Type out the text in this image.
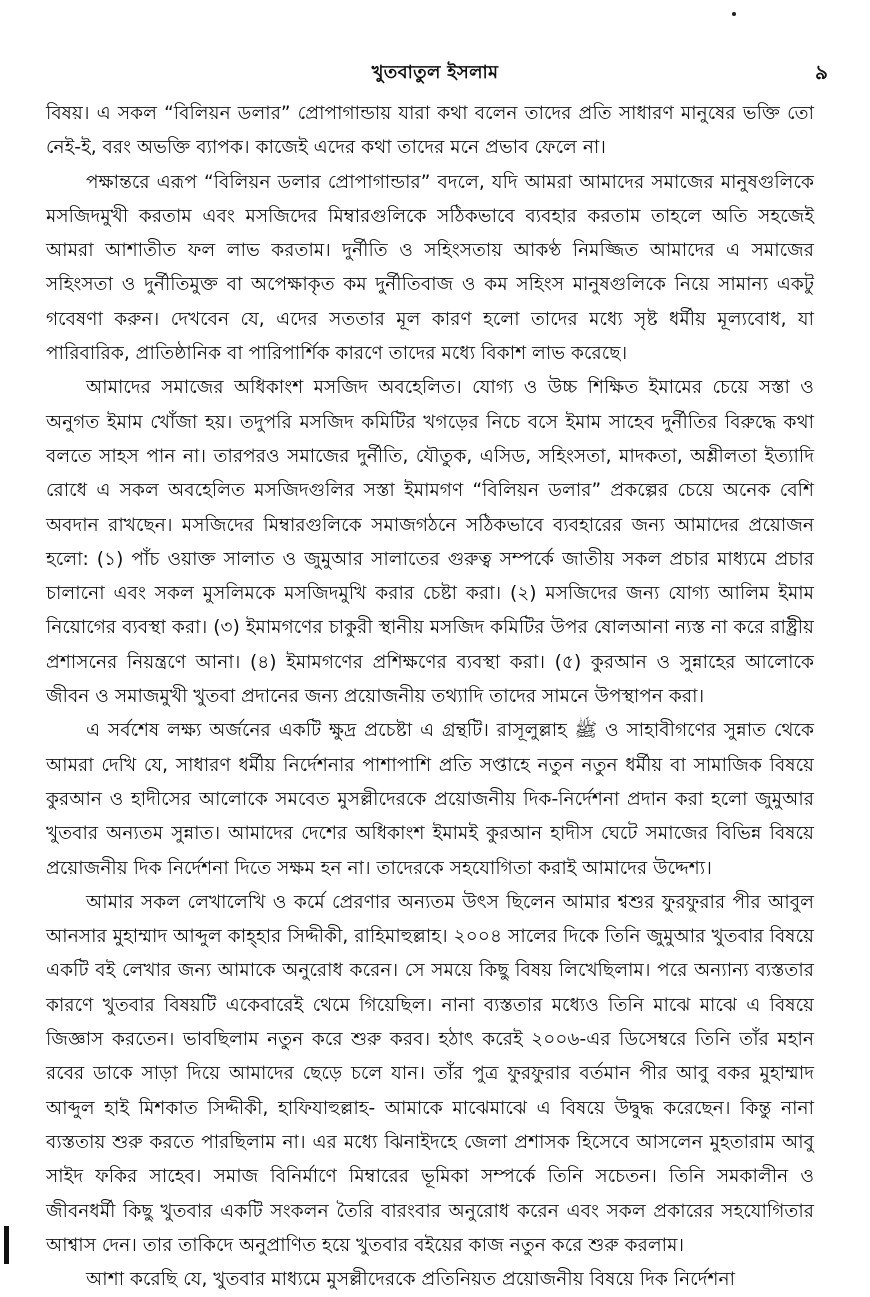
খুতবাতুল ইসলাম	৯

বিষয়। এ সকল “বিলিয়ন ডলার” প্রোপাগান্ডায় যারা কথা বলেন তাদের প্রতি সাধারণ মানুষের ভক্তি তো নেই-ই, বরং অভক্তি ব্যাপক। কাজেই এদের কথা তাদের মনে প্রভাব ফেলে না।

পক্ষান্তরে এরূপ “বিলিয়ন ডলার প্রোপাগান্ডার” বদলে, যদি আমরা আমাদের সমাজের মানুষগুলিকে মসজিদমুখী করতাম এবং মসজিদের মিম্বারগুলিকে সঠিকভাবে ব্যবহার করতাম তাহলে অতি সহজেই আমরা আশাতীত ফল লাভ করতাম। দুর্নীতি ও সহিংসতায় আকণ্ঠ নিমজ্জিত আমাদের এ সমাজের সহিংসতা ও দুর্নীতিমুক্ত বা অপেক্ষাকৃত কম দুর্নীতিবাজ ও কম সহিংস মানুষগুলিকে নিয়ে সামান্য একটু গবেষণা করুন। দেখবেন যে, এদের সততার মূল কারণ হলো তাদের মধ্যে সৃষ্ট ধর্মীয় মূল্যবোধ, যা পারিবারিক, প্রাতিষ্ঠানিক বা পারিপার্শিক কারণে তাদের মধ্যে বিকাশ লাভ করেছে।

আমাদের সমাজের অধিকাংশ মসজিদ অবহেলিত। যোগ্য ও উচ্চ শিক্ষিত ইমামের চেয়ে সস্তা ও অনুগত ইমাম খোঁজা হয়। তদুপরি মসজিদ কমিটির খগড়ের নিচে বসে ইমাম সাহেব দুর্নীতির বিরুদ্ধে কথা বলতে সাহস পান না। তারপরও সমাজের দুর্নীতি, যৌতুক, এসিড, সহিংসতা, মাদকতা, অশ্লীলতা ইত্যাদি রোধে এ সকল অবহেলিত মসজিদগুলির সস্তা ইমামগণ “বিলিয়ন ডলার” প্রকল্পের চেয়ে অনেক বেশি অবদান রাখছেন। মসজিদের মিম্বারগুলিকে সমাজগঠনে সঠিকভাবে ব্যবহারের জন্য আমাদের প্রয়োজন হলো: (১) পাঁচ ওয়াক্ত সালাত ও জুমুআর সালাতের গুরুত্ব সম্পর্কে জাতীয় সকল প্রচার মাধ্যমে প্রচার চালানো এবং সকল মুসলিমকে মসজিদমুখি করার চেষ্টা করা। (২) মসজিদের জন্য যোগ্য আলিম ইমাম নিয়োগের ব্যবস্থা করা। (৩) ইমামগণের চাকুরী স্থানীয় মসজিদ কমিটির উপর ষোলআনা ন্যস্ত না করে রাষ্ট্রীয় প্রশাসনের নিয়ন্ত্রণে আনা। (৪) ইমামগণের প্রশিক্ষণের ব্যবস্থা করা। (৫) কুরআন ও সুন্নাহের আলোকে জীবন ও সমাজমুখী খুতবা প্রদানের জন্য প্রয়োজনীয় তথ্যাদি তাদের সামনে উপস্থাপন করা।

এ সর্বশেষ লক্ষ্য অর্জনের একটি ক্ষুদ্র প্রচেষ্টা এ গ্রন্থটি। রাসূলুল্লাহ ﷺ ও সাহাবীগণের সুন্নাত থেকে আমরা দেখি যে, সাধারণ ধর্মীয় নির্দেশনার পাশাপাশি প্রতি সপ্তাহে নতুন নতুন ধর্মীয় বা সামাজিক বিষয়ে কুরআন ও হাদীসের আলোকে সমবেত মুসল্লীদেরকে প্রয়োজনীয় দিক-নির্দেশনা প্রদান করা হলো জুমুআর খুতবার অন্যতম সুন্নাত। আমাদের দেশের অধিকাংশ ইমামই কুরআন হাদীস ঘেটে সমাজের বিভিন্ন বিষয়ে প্রয়োজনীয় দিক নির্দেশনা দিতে সক্ষম হন না। তাদেরকে সহযোগিতা করাই আমাদের উদ্দেশ্য।

আমার সকল লেখালেখি ও কর্মে প্রেরণার অন্যতম উৎস ছিলেন আমার শ্বশুর ফুরফুরার পীর আবুল আনসার মুহাম্মাদ আব্দুল কাহ্হার সিদ্দীকী, রাহিমাহুল্লাহ। ২০০৪ সালের দিকে তিনি জুমুআর খুতবার বিষয়ে একটি বই লেখার জন্য আমাকে অনুরোধ করেন। সে সময়ে কিছু বিষয় লিখেছিলাম। পরে অন্যান্য ব্যস্ততার কারণে খুতবার বিষয়টি একেবারেই থেমে গিয়েছিল। নানা ব্যস্ততার মধ্যেও তিনি মাঝে মাঝে এ বিষয়ে জিজ্ঞাস করতেন। ভাবছিলাম নতুন করে শুরু করব। হঠাৎ করেই ২০০৬-এর ডিসেম্বরে তিনি তাঁর মহান রবের ডাকে সাড়া দিয়ে আমাদের ছেড়ে চলে যান। তাঁর পুত্র ফুরফুরার বর্তমান পীর আবু বকর মুহাম্মাদ আব্দুল হাই মিশকাত সিদ্দীকী, হাফিযাহুল্লাহ- আমাকে মাঝেমাঝে এ বিষয়ে উদ্বুদ্ধ করেছেন। কিন্তু নানা ব্যস্ততায় শুরু করতে পারছিলাম না। এর মধ্যে ঝিনাইদহে জেলা প্রশাসক হিসেবে আসলেন মুহতারাম আবু সাইদ ফকির সাহেব। সমাজ বিনির্মাণে মিম্বারের ভূমিকা সম্পর্কে তিনি সচেতন। তিনি সমকালীন ও জীবনধর্মী কিছু খুতবার একটি সংকলন তৈরি বারংবার অনুরোধ করেন এবং সকল প্রকারের সহযোগিতার আশ্বাস দেন। তার তাকিদে অনুপ্রাণিত হয়ে খুতবার বইয়ের কাজ নতুন করে শুরু করলাম।

আশা করেছি যে, খুতবার মাধ্যমে মুসল্লীদেরকে প্রতিনিয়ত প্রয়োজনীয় বিষয়ে দিক নির্দেশনা
